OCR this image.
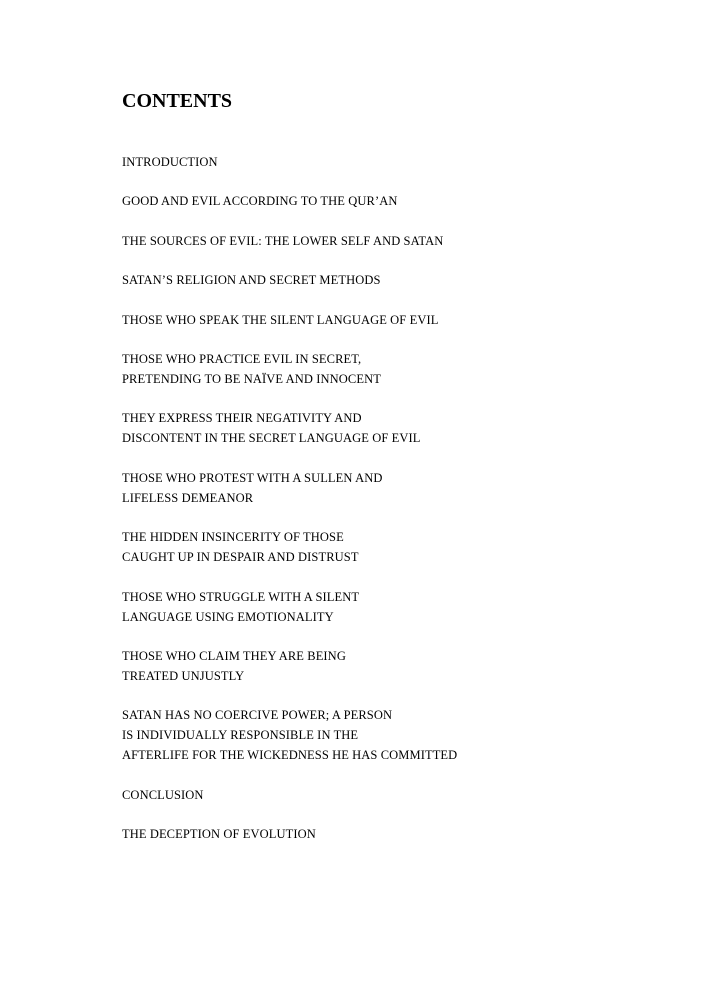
CONTENTS
INTRODUCTION
GOOD AND EVIL ACCORDING TO THE QUR’AN
THE SOURCES OF EVIL: THE LOWER SELF AND SATAN
SATAN’S RELIGION AND SECRET METHODS
THOSE WHO SPEAK THE SILENT LANGUAGE OF EVIL
THOSE WHO PRACTICE EVIL IN SECRET,
PRETENDING TO BE NAÏVE AND INNOCENT
THEY EXPRESS THEIR NEGATIVITY AND
DISCONTENT IN THE SECRET LANGUAGE OF EVIL
THOSE WHO PROTEST WITH A SULLEN AND
LIFELESS DEMEANOR
THE HIDDEN INSINCERITY OF THOSE
CAUGHT UP IN DESPAIR AND DISTRUST
THOSE WHO STRUGGLE WITH A SILENT
LANGUAGE USING EMOTIONALITY
THOSE WHO CLAIM THEY ARE BEING
TREATED UNJUSTLY
SATAN HAS NO COERCIVE POWER; A PERSON
IS INDIVIDUALLY RESPONSIBLE IN THE
AFTERLIFE FOR THE WICKEDNESS HE HAS COMMITTED
CONCLUSION
THE DECEPTION OF EVOLUTION
